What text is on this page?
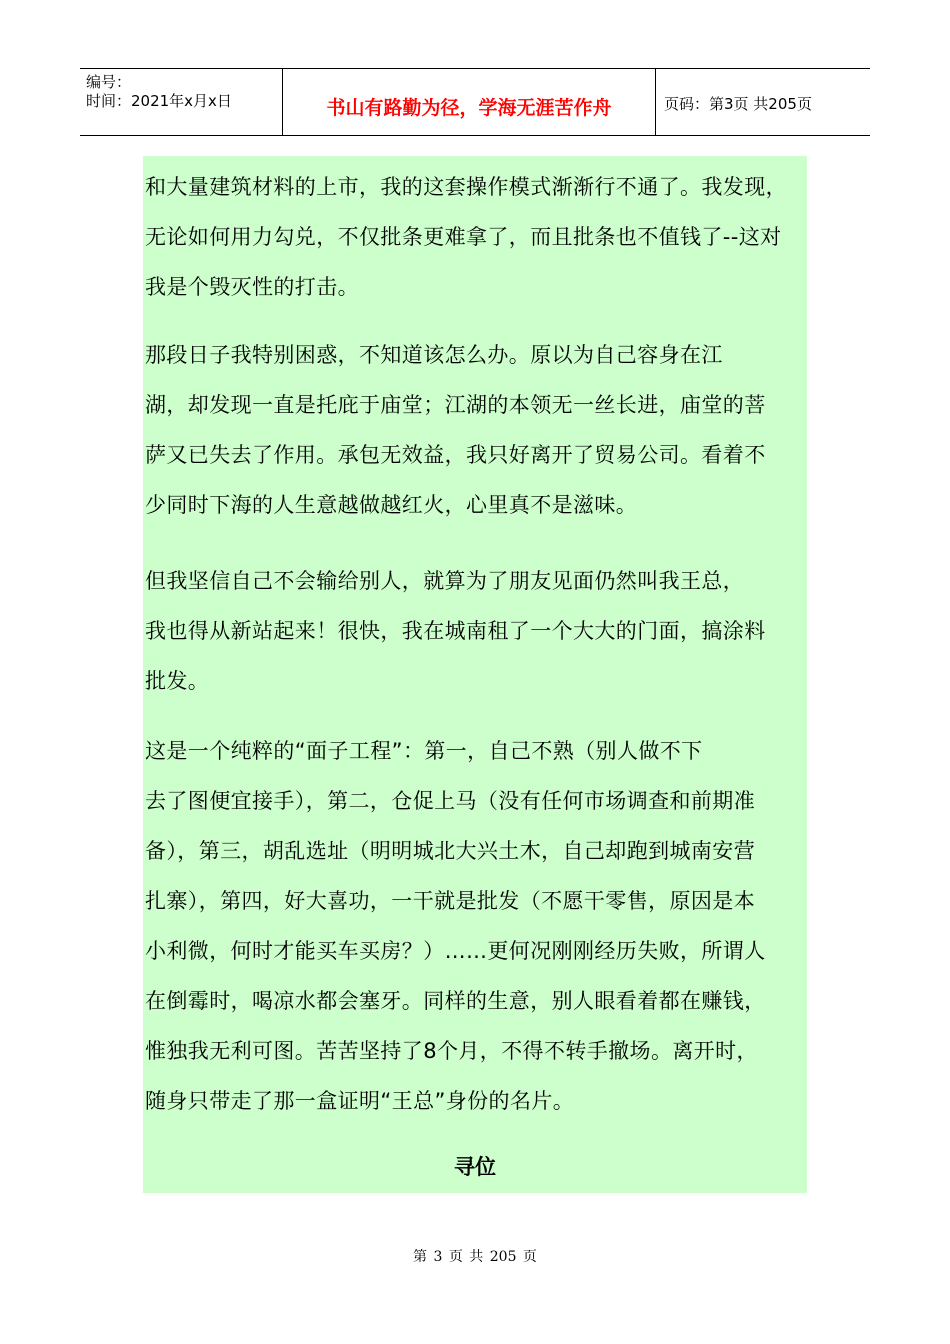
编号：
时间：2021年x月x日	书山有路勤为径，学海无涯苦作舟	页码：第3页 共205页
和大量建筑材料的上市，我的这套操作模式渐渐行不通了。我发现，
无论如何用力勾兑，不仅批条更难拿了，而且批条也不值钱了--这对
我是个毁灭性的打击。
那段日子我特别困惑，不知道该怎么办。原以为自己容身在江
湖，却发现一直是托庇于庙堂；江湖的本领无一丝长进，庙堂的菩
萨又已失去了作用。承包无效益，我只好离开了贸易公司。看着不
少同时下海的人生意越做越红火，心里真不是滋味。
但我坚信自己不会输给别人，就算为了朋友见面仍然叫我王总，
我也得从新站起来！很快，我在城南租了一个大大的门面，搞涂料
批发。
这是一个纯粹的“面子工程”：第一，自己不熟（别人做不下
去了图便宜接手），第二，仓促上马（没有任何市场调查和前期准
备），第三，胡乱选址（明明城北大兴土木，自己却跑到城南安营
扎寨），第四，好大喜功，一干就是批发（不愿干零售，原因是本
小利微，何时才能买车买房？）……更何况刚刚经历失败，所谓人
在倒霉时，喝凉水都会塞牙。同样的生意，别人眼看着都在赚钱，
惟独我无利可图。苦苦坚持了8个月，不得不转手撤场。离开时，
随身只带走了那一盒证明“王总”身份的名片。
寻位
第 3 页 共 205 页
